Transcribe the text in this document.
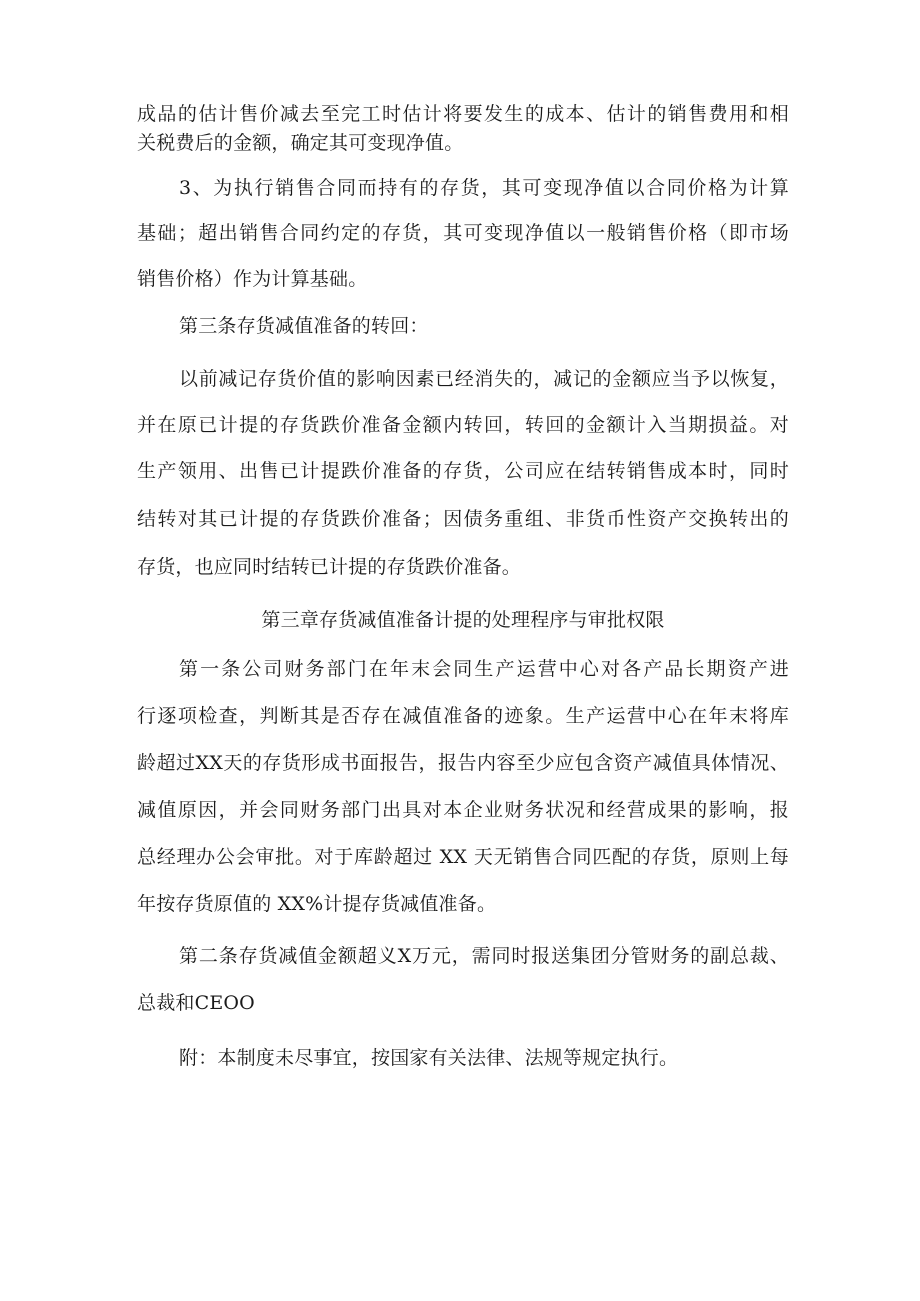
成品的估计售价减去至完工时估计将要发生的成本、估计的销售费用和相
关税费后的金额，确定其可变现净值。
3、为执行销售合同而持有的存货，其可变现净值以合同价格为计算
基础；超出销售合同约定的存货，其可变现净值以一般销售价格（即市场
销售价格）作为计算基础。
第三条存货减值准备的转回：
以前减记存货价值的影响因素已经消失的，减记的金额应当予以恢复，
并在原已计提的存货跌价准备金额内转回，转回的金额计入当期损益。对
生产领用、出售已计提跌价准备的存货，公司应在结转销售成本时，同时
结转对其已计提的存货跌价准备；因债务重组、非货币性资产交换转出的
存货，也应同时结转已计提的存货跌价准备。
第三章存货减值准备计提的处理程序与审批权限
第一条公司财务部门在年末会同生产运营中心对各产品长期资产进
行逐项检查，判断其是否存在减值准备的迹象。生产运营中心在年末将库
龄超过XX天的存货形成书面报告，报告内容至少应包含资产减值具体情况、
减值原因，并会同财务部门出具对本企业财务状况和经营成果的影响，报
总经理办公会审批。对于库龄超过 XX 天无销售合同匹配的存货，原则上每
年按存货原值的 XX%计提存货减值准备。
第二条存货减值金额超义X万元，需同时报送集团分管财务的副总裁、
总裁和CEOO
附：本制度未尽事宜，按国家有关法律、法规等规定执行。
